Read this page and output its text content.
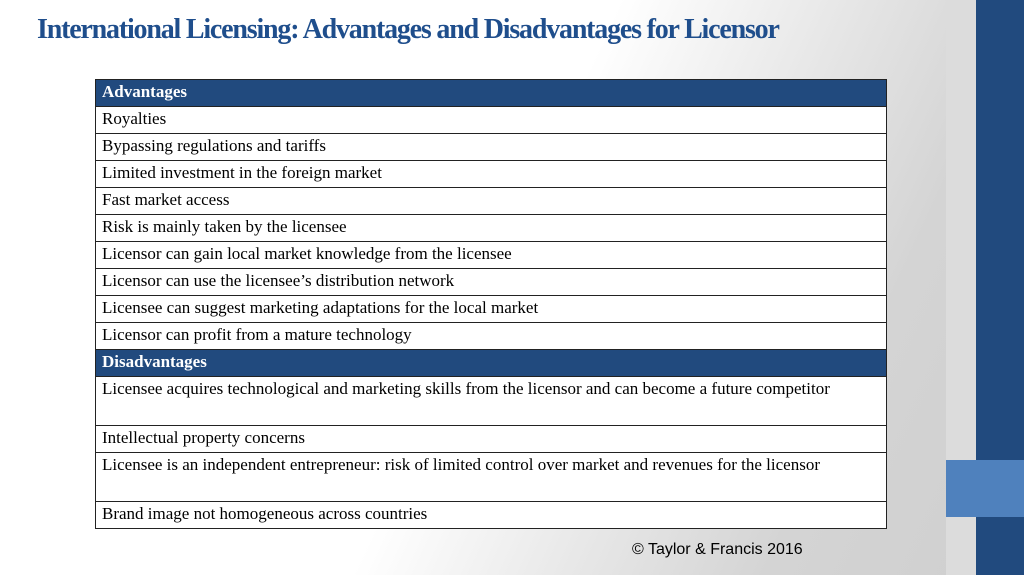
International Licensing: Advantages and Disadvantages for Licensor
Advantages
Royalties
Bypassing regulations and tariffs
Limited investment in the foreign market
Fast market access
Risk is mainly taken by the licensee
Licensor can gain local market knowledge from the licensee
Licensor can use the licensee’s distribution network
Licensee can suggest marketing adaptations for the local market
Licensor can profit from a mature technology
Disadvantages
Licensee acquires technological and marketing skills from the licensor and can become a future competitor
Intellectual property concerns
Licensee is an independent entrepreneur: risk of limited control over market and revenues for the licensor
Brand image not homogeneous across countries
© Taylor & Francis 2016
